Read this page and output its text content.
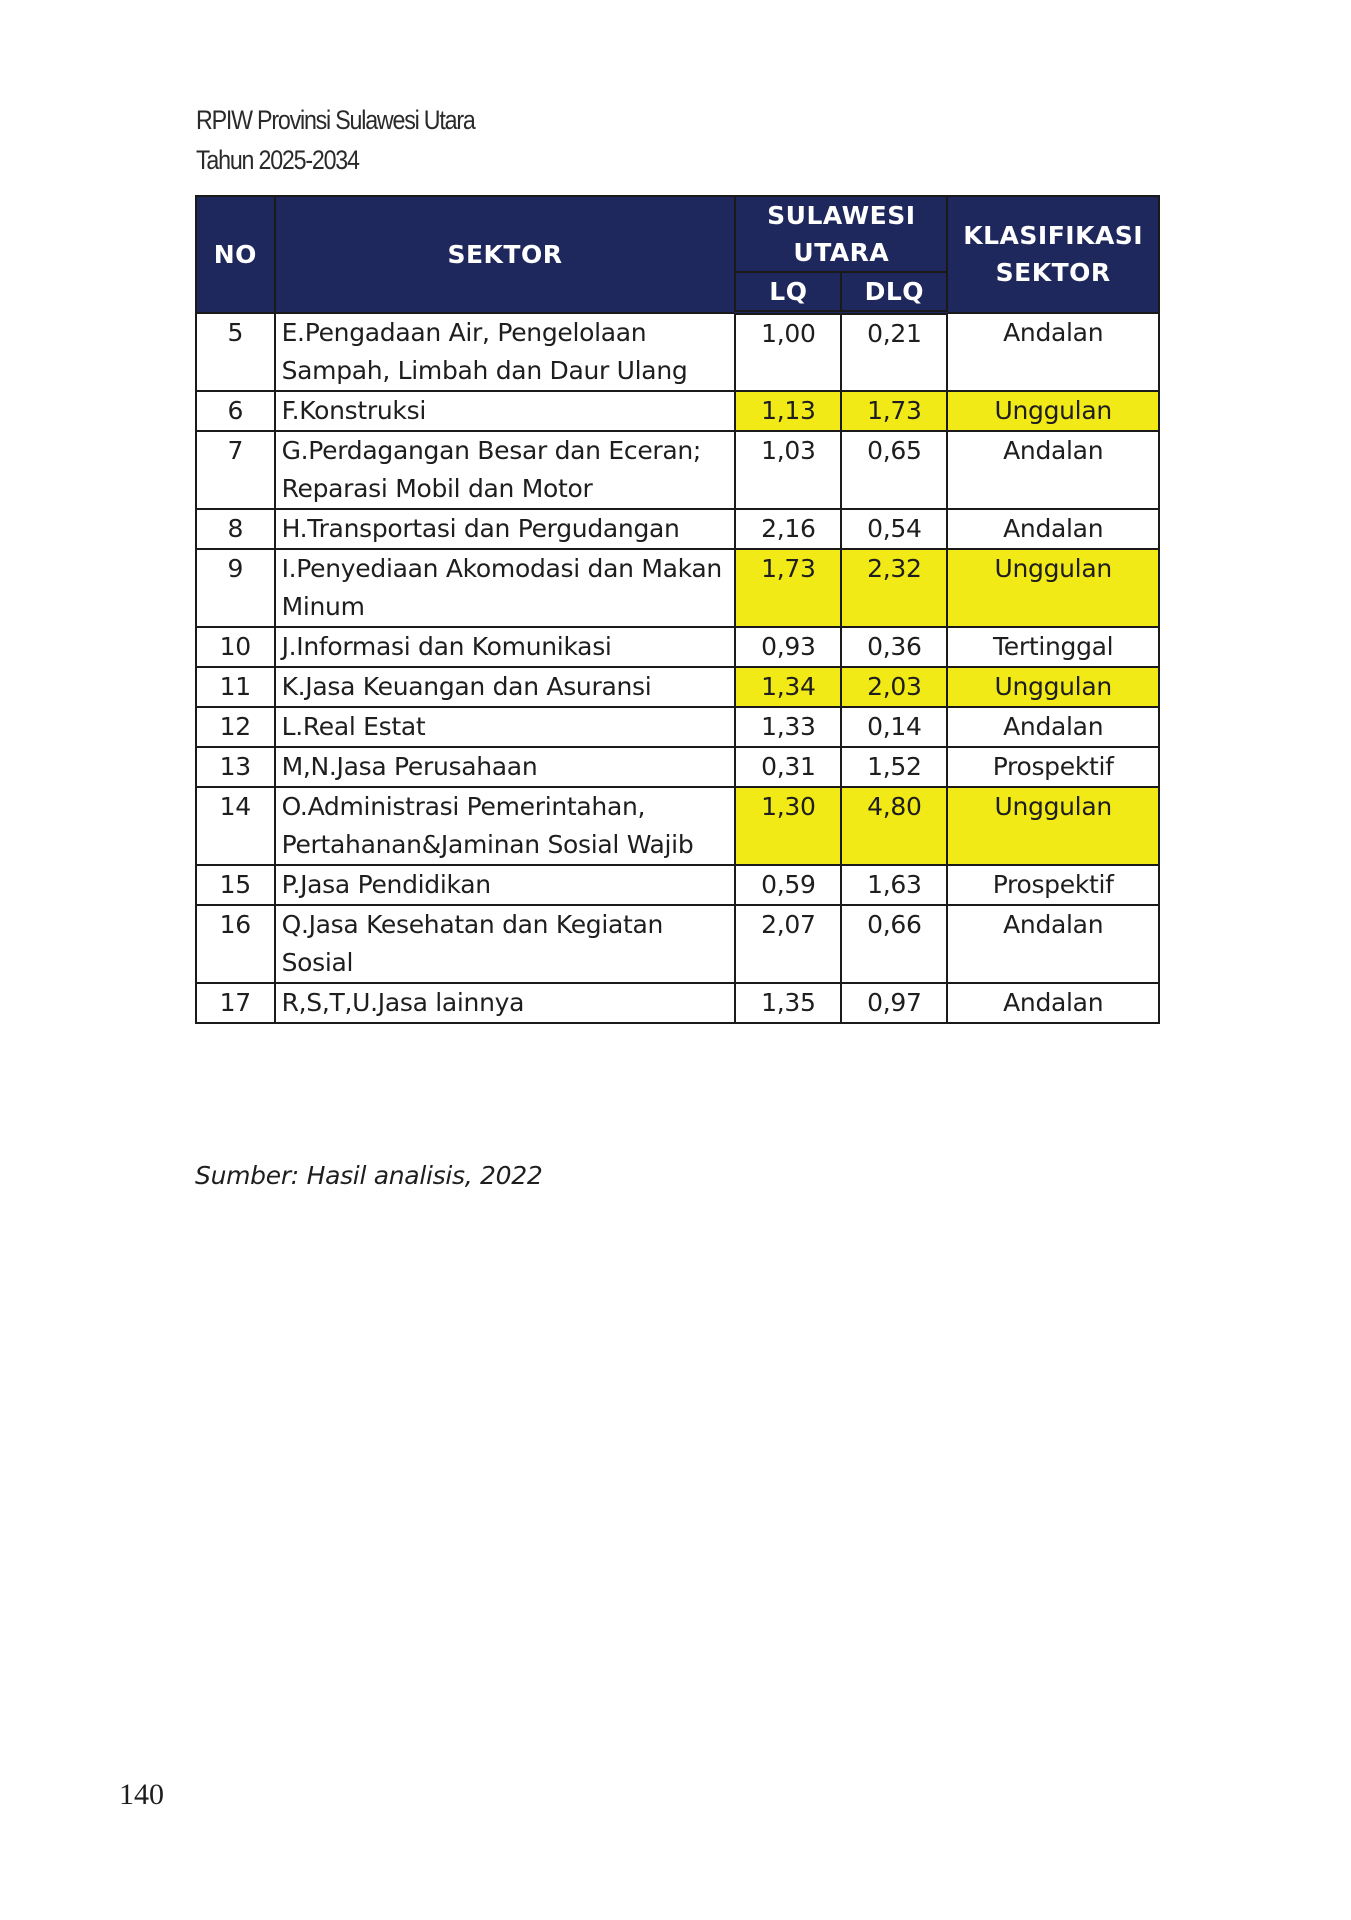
RPIW Provinsi Sulawesi Utara
Tahun 2025-2034
NO	SEKTOR	SULAWESI UTARA		KLASIFIKASI SEKTOR
		LQ	DLQ	
5	E.Pengadaan Air, Pengelolaan Sampah, Limbah dan Daur Ulang	1,00	0,21	Andalan
6	F.Konstruksi	1,13	1,73	Unggulan
7	G.Perdagangan Besar dan Eceran; Reparasi Mobil dan Motor	1,03	0,65	Andalan
8	H.Transportasi dan Pergudangan	2,16	0,54	Andalan
9	I.Penyediaan Akomodasi dan Makan Minum	1,73	2,32	Unggulan
10	J.Informasi dan Komunikasi	0,93	0,36	Tertinggal
11	K.Jasa Keuangan dan Asuransi	1,34	2,03	Unggulan
12	L.Real Estat	1,33	0,14	Andalan
13	M,N.Jasa Perusahaan	0,31	1,52	Prospektif
14	O.Administrasi Pemerintahan, Pertahanan&Jaminan Sosial Wajib	1,30	4,80	Unggulan
15	P.Jasa Pendidikan	0,59	1,63	Prospektif
16	Q.Jasa Kesehatan dan Kegiatan Sosial	2,07	0,66	Andalan
17	R,S,T,U.Jasa lainnya	1,35	0,97	Andalan
Sumber: Hasil analisis, 2022
140
